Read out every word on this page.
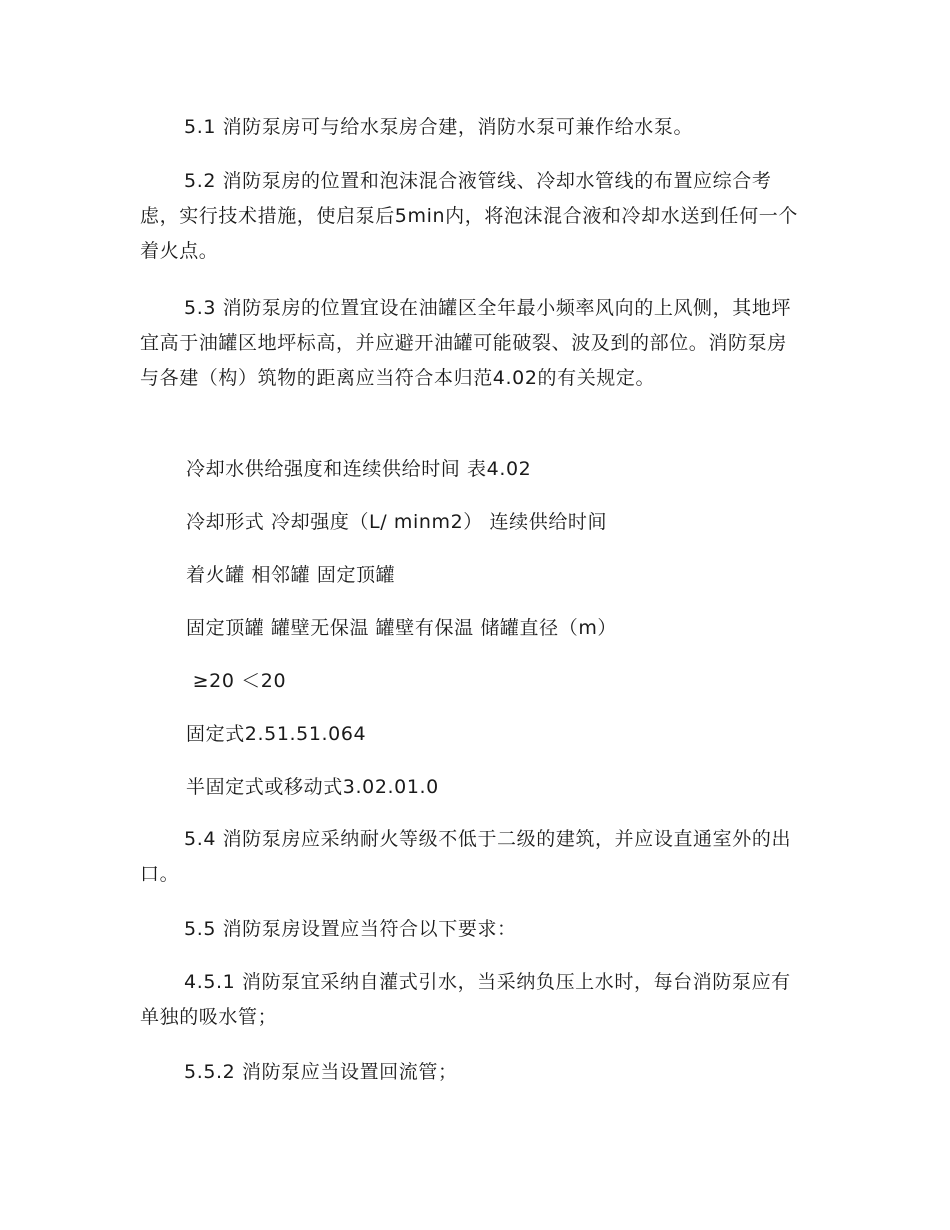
5.1 消防泵房可与给水泵房合建，消防水泵可兼作给水泵。

5.2 消防泵房的位置和泡沫混合液管线、冷却水管线的布置应综合考虑，实行技术措施，使启泵后5min内，将泡沫混合液和冷却水送到任何一个着火点。

5.3 消防泵房的位置宜设在油罐区全年最小频率风向的上风侧，其地坪宜高于油罐区地坪标高，并应避开油罐可能破裂、波及到的部位。消防泵房与各建（构）筑物的距离应当符合本归范4.02的有关规定。

冷却水供给强度和连续供给时间 表4.02

冷却形式 冷却强度（L/ minm2） 连续供给时间

着火罐 相邻罐 固定顶罐

固定顶罐 罐壁无保温 罐壁有保温 储罐直径（m）

≥20 ＜20

固定式2.51.51.064

半固定式或移动式3.02.01.0

5.4 消防泵房应采纳耐火等级不低于二级的建筑，并应设直通室外的出口。

5.5 消防泵房设置应当符合以下要求：

4.5.1 消防泵宜采纳自灌式引水，当采纳负压上水时，每台消防泵应有单独的吸水管；

5.5.2 消防泵应当设置回流管；
